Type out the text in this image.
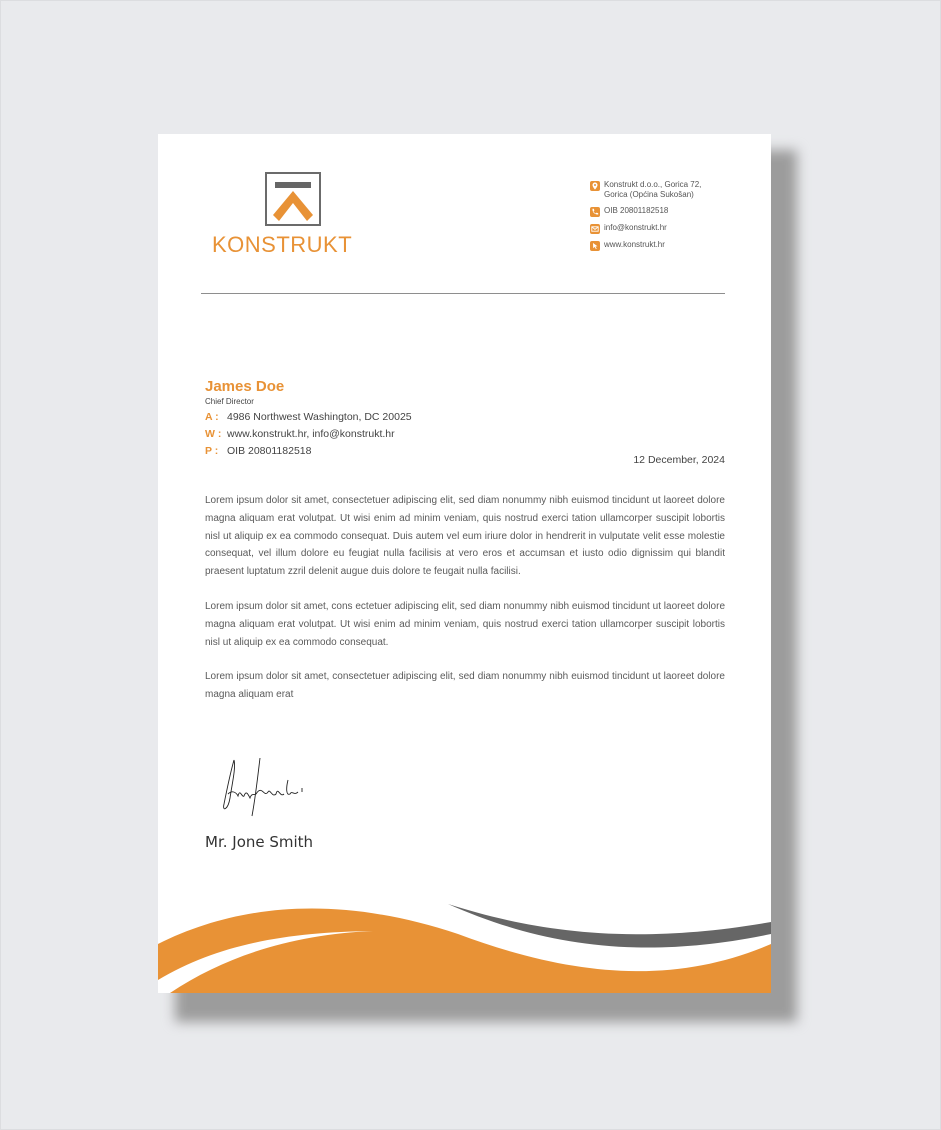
KONSTRUKT
Konstrukt d.o.o., Gorica 72,
Gorica (Općina Sukošan)
OIB 20801182518
info@konstrukt.hr
www.konstrukt.hr
James Doe
Chief Director
A : 4986 Northwest Washington, DC 20025
W : www.konstrukt.hr, info@konstrukt.hr
P : OIB 20801182518
12 December, 2024

Lorem ipsum dolor sit amet, consectetuer adipiscing elit, sed diam nonummy nibh euismod tincidunt ut laoreet dolore magna aliquam erat volutpat. Ut wisi enim ad minim veniam, quis nostrud exerci tation ullamcorper suscipit lobortis nisl ut aliquip ex ea commodo consequat. Duis autem vel eum iriure dolor in hendrerit in vulputate velit esse molestie consequat, vel illum dolore eu feugiat nulla facilisis at vero eros et accumsan et iusto odio dignissim qui blandit praesent luptatum zzril delenit augue duis dolore te feugait nulla facilisi.

Lorem ipsum dolor sit amet, cons ectetuer adipiscing elit, sed diam nonummy nibh euismod tincidunt ut laoreet dolore magna aliquam erat volutpat. Ut wisi enim ad minim veniam, quis nostrud exerci tation ullamcorper suscipit lobortis nisl ut aliquip ex ea commodo consequat.

Lorem ipsum dolor sit amet, consectetuer adipiscing elit, sed diam nonummy nibh euismod tincidunt ut laoreet dolore magna aliquam erat

Mr. Jone Smith
